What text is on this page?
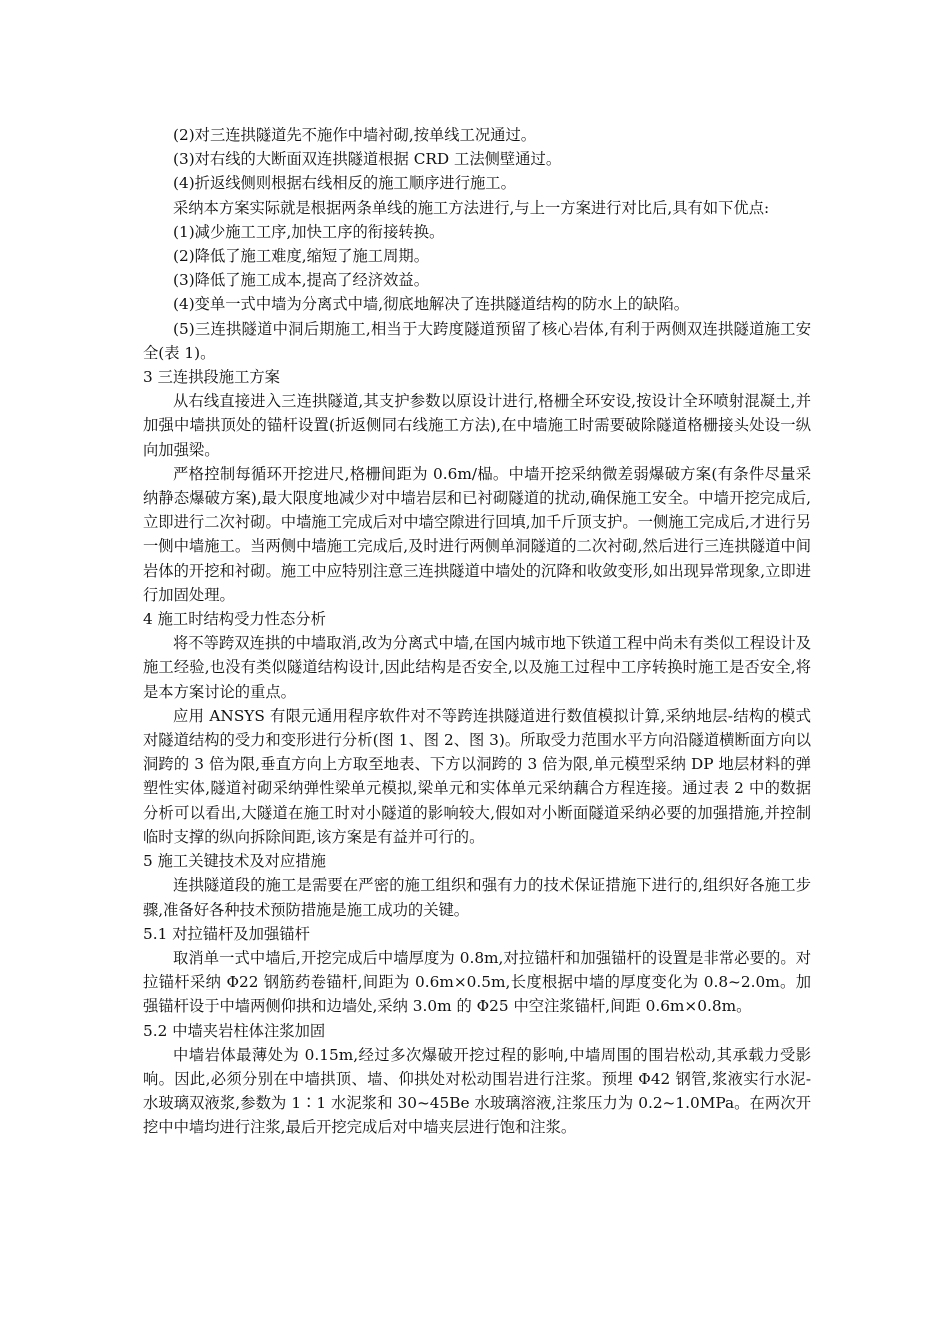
(2)对三连拱隧道先不施作中墙衬砌,按单线工况通过。

(3)对右线的大断面双连拱隧道根据 CRD 工法侧壁通过。

(4)折返线侧则根据右线相反的施工顺序进行施工。

采纳本方案实际就是根据两条单线的施工方法进行,与上一方案进行对比后,具有如下优点:

(1)减少施工工序,加快工序的衔接转换。

(2)降低了施工难度,缩短了施工周期。

(3)降低了施工成本,提高了经济效益。

(4)变单一式中墙为分离式中墙,彻底地解决了连拱隧道结构的防水上的缺陷。

(5)三连拱隧道中洞后期施工,相当于大跨度隧道预留了核心岩体,有利于两侧双连拱隧道施工安全(表 1)。

3 三连拱段施工方案

从右线直接进入三连拱隧道,其支护参数以原设计进行,格栅全环安设,按设计全环喷射混凝土,并加强中墙拱顶处的锚杆设置(折返侧同右线施工方法),在中墙施工时需要破除隧道格栅接头处设一纵向加强梁。

严格控制每循环开挖进尺,格栅间距为 0.6m/榀。中墙开挖采纳微差弱爆破方案(有条件尽量采纳静态爆破方案),最大限度地减少对中墙岩层和已衬砌隧道的扰动,确保施工安全。中墙开挖完成后,立即进行二次衬砌。中墙施工完成后对中墙空隙进行回填,加千斤顶支护。一侧施工完成后,才进行另一侧中墙施工。当两侧中墙施工完成后,及时进行两侧单洞隧道的二次衬砌,然后进行三连拱隧道中间岩体的开挖和衬砌。施工中应特别注意三连拱隧道中墙处的沉降和收敛变形,如出现异常现象,立即进行加固处理。

4 施工时结构受力性态分析

将不等跨双连拱的中墙取消,改为分离式中墙,在国内城市地下铁道工程中尚未有类似工程设计及施工经验,也没有类似隧道结构设计,因此结构是否安全,以及施工过程中工序转换时施工是否安全,将是本方案讨论的重点。

应用 ANSYS 有限元通用程序软件对不等跨连拱隧道进行数值模拟计算,采纳地层-结构的模式对隧道结构的受力和变形进行分析(图 1、图 2、图 3)。所取受力范围水平方向沿隧道横断面方向以洞跨的 3 倍为限,垂直方向上方取至地表、下方以洞跨的 3 倍为限,单元模型采纳 DP 地层材料的弹塑性实体,隧道衬砌采纳弹性梁单元模拟,梁单元和实体单元采纳藕合方程连接。通过表 2 中的数据分析可以看出,大隧道在施工时对小隧道的影响较大,假如对小断面隧道采纳必要的加强措施,并控制临时支撑的纵向拆除间距,该方案是有益并可行的。

5 施工关键技术及对应措施

连拱隧道段的施工是需要在严密的施工组织和强有力的技术保证措施下进行的,组织好各施工步骤,准备好各种技术预防措施是施工成功的关键。

5.1 对拉锚杆及加强锚杆

取消单一式中墙后,开挖完成后中墙厚度为 0.8m,对拉锚杆和加强锚杆的设置是非常必要的。对拉锚杆采纳 Φ22 钢筋药卷锚杆,间距为 0.6m×0.5m,长度根据中墙的厚度变化为 0.8~2.0m。加强锚杆设于中墙两侧仰拱和边墙处,采纳 3.0m 的 Φ25 中空注浆锚杆,间距 0.6m×0.8m。

5.2 中墙夹岩柱体注浆加固

中墙岩体最薄处为 0.15m,经过多次爆破开挖过程的影响,中墙周围的围岩松动,其承载力受影响。因此,必须分别在中墙拱顶、墙、仰拱处对松动围岩进行注浆。预埋 Φ42 钢管,浆液实行水泥-水玻璃双液浆,参数为 1∶1 水泥浆和 30~45Be 水玻璃溶液,注浆压力为 0.2~1.0MPa。在两次开挖中中墙均进行注浆,最后开挖完成后对中墙夹层进行饱和注浆。
